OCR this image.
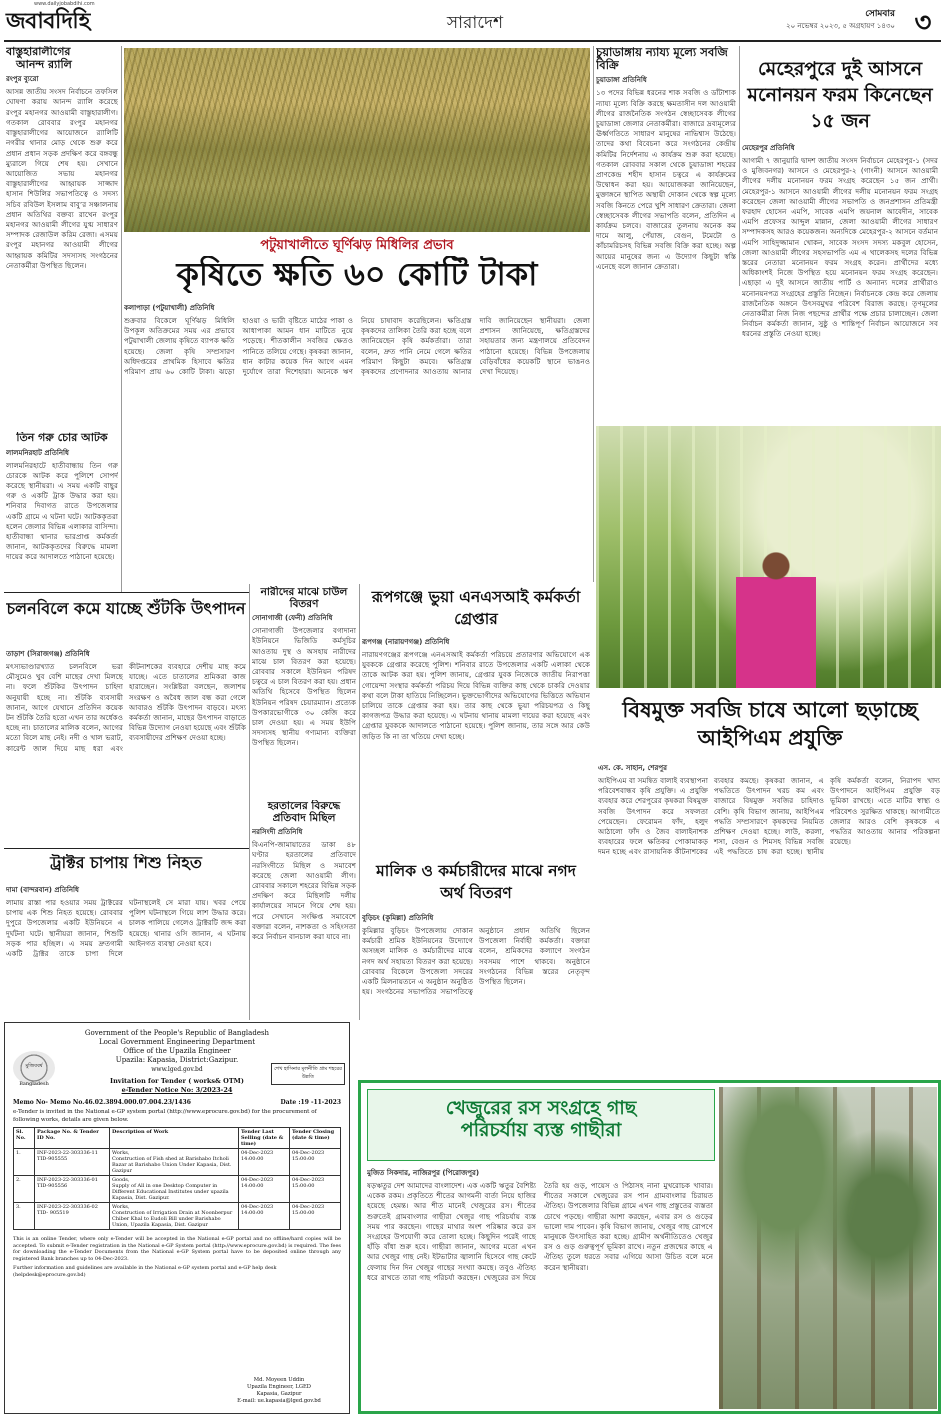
জবাবদিহি
www.dailyjobabdihi.com
সারাদেশ	সোমবার
২০ নভেম্বর ২০২৩, ৫ অগ্রহায়ণ ১৪৩০ ৩
বাস্তুহারালীগের
আনন্দ র‍্যালি
রংপুর ব্যুরো
আসন্ন জাতীয় সংসদ নির্বাচনে তফসিল ঘোষণা করায় আনন্দ র‍্যালি করেছে রংপুর মহানগর আওয়ামী বাস্তুহারালীগ। গতকাল রোববার রংপুর মহানগর বাস্তুহারালীগের আয়োজনে র‍্যালিটি নগরীর থানার মোড় থেকে শুরু করে প্রধান প্রধান সড়ক প্রদক্ষিণ করে বঙ্গবন্ধু ম্যুরালে গিয়ে শেষ হয়। সেখানে আয়োজিত সভায় মহানগর বাস্তুহারালীগের আহ্বায়ক সাজ্জাদ হাসান শিউলির সভাপতিত্বে ও সদস্য সচিব রবিউল ইসলাম বাবু’র সঞ্চালনায় প্রধান অতিথির বক্তব্য রাখেন রংপুর মহানগর আওয়ামী লীগের যুগ্ম সাধারণ সম্পাদক রেজাউল করিম রেজা। এসময় রংপুর মহানগর আওয়ামী লীগের আহ্বায়ক কমিটির সদস্যসহ সংগঠনের নেতাকর্মীরা উপস্থিত ছিলেন।
তিন গরু চোর আটক
লালমনিরহাট প্রতিনিধি
লালমনিরহাটে হাতীবান্ধায় তিন গরু চোরকে আটক করে পুলিশে সোপর্দ করেছে স্থানীয়রা। এ সময় একটি বাছুর গরু ও একটি ট্রাক উদ্ধার করা হয়। শনিবার দিবাগত রাতে উপজেলার একটি গ্রামে এ ঘটনা ঘটে। আটককৃতরা হলেন জেলার বিভিন্ন এলাকার বাসিন্দা। হাতীবান্ধা থানার ভারপ্রাপ্ত কর্মকর্তা জানান, আটককৃতদের বিরুদ্ধে মামলা দায়ের করে আদালতে পাঠানো হয়েছে।
পটুয়াখালীতে ঘূর্ণিঝড় মিধিলির প্রভাব
কৃষিতে ক্ষতি ৬০ কোটি টাকা
কলাপাড়া (পটুয়াখালী) প্রতিনিধি
শুক্রবার বিকেলে ঘূর্ণিঝড় মিধিলি উপকূল অতিক্রমের সময় এর প্রভাবে পটুয়াখালী জেলায় কৃষিতে ব্যাপক ক্ষতি হয়েছে। জেলা কৃষি সম্প্রসারণ অধিদপ্তরের প্রাথমিক হিসাবে ক্ষতির পরিমাণ প্রায় ৬০ কোটি টাকা। ঝড়ো হাওয়া ও ভারী বৃষ্টিতে মাঠের পাকা ও আধাপাকা আমন ধান মাটিতে নুয়ে পড়েছে। শীতকালীন সবজির ক্ষেতও পানিতে তলিয়ে গেছে। কৃষকরা জানান, ধান কাটার কয়েক দিন আগে এমন দুর্যোগে তারা দিশেহারা। অনেকে ঋণ নিয়ে চাষাবাদ করেছিলেন। ক্ষতিগ্রস্ত কৃষকদের তালিকা তৈরি করা হচ্ছে বলে জানিয়েছেন কৃষি কর্মকর্তারা। তারা বলেন, দ্রুত পানি নেমে গেলে ক্ষতির পরিমাণ কিছুটা কমবে। ক্ষতিগ্রস্ত কৃষকদের প্রণোদনার আওতায় আনার দাবি জানিয়েছেন স্থানীয়রা। জেলা প্রশাসন জানিয়েছে, ক্ষতিগ্রস্তদের সহায়তার জন্য মন্ত্রণালয়ে প্রতিবেদন পাঠানো হয়েছে। বিভিন্ন উপজেলায় বেড়িবাঁধের কয়েকটি স্থানে ভাঙনও দেখা দিয়েছে।
চুয়াডাঙ্গায় ন্যায্য মূল্যে সবজি বিক্রি
চুয়াডাঙ্গা প্রতিনিধি
১৩ পদের বিভিন্ন ধরনের শাক সবজি ও ডাঁটাশাক ন্যায্য মূল্যে বিক্রি করছে ক্ষমতাসীন দল আওয়ামী লীগের রাজনৈতিক সংগঠন স্বেচ্ছাসেবক লীগের চুয়াডাঙ্গা জেলার নেতাকর্মীরা। বাজারে দ্রব্যমূল্যের ঊর্ধ্বগতিতে সাধারণ মানুষের নাভিশ্বাস উঠেছে। তাদের কথা বিবেচনা করে সংগঠনের কেন্দ্রীয় কমিটির নির্দেশনায় এ কার্যক্রম শুরু করা হয়েছে। গতকাল রোববার সকাল থেকে চুয়াডাঙ্গা শহরের প্রাণকেন্দ্র শহীদ হাসান চত্বরে এ কার্যক্রমের উদ্বোধন করা হয়। আয়োজকরা জানিয়েছেন, মুক্তাঙ্গনে স্থাপিত অস্থায়ী দোকান থেকে স্বল্প মূল্যে সবজি কিনতে পেরে খুশি সাধারণ ক্রেতারা। জেলা স্বেচ্ছাসেবক লীগের সভাপতি বলেন, প্রতিদিন এ কার্যক্রম চলবে। বাজারের তুলনায় অনেক কম দামে আলু, পেঁয়াজ, বেগুন, টমেটো ও কাঁচামরিচসহ বিভিন্ন সবজি বিক্রি করা হচ্ছে। অল্প আয়ের মানুষের জন্য এ উদ্যোগ কিছুটা স্বস্তি এনেছে বলে জানান ক্রেতারা।
মেহেরপুরে দুই আসনে মনোনয়ন ফরম কিনেছেন ১৫ জন
মেহেরপুর প্রতিনিধি
আগামী ৭ জানুয়ারি দ্বাদশ জাতীয় সংসদ নির্বাচনে মেহেরপুর-১ (সদর ও মুজিবনগর) আসনে ও মেহেরপুর-২ (গাংনী) আসনে আওয়ামী লীগের দলীয় মনোনয়ন ফরম সংগ্রহ করেছেন ১৫ জন প্রার্থী। মেহেরপুর-১ আসনে আওয়ামী লীগের দলীয় মনোনয়ন ফরম সংগ্রহ করেছেন জেলা আওয়ামী লীগের সভাপতি ও জনপ্রশাসন প্রতিমন্ত্রী ফরহাদ হোসেন এমপি, সাবেক এমপি জয়নাল আবেদীন, সাবেক এমপি প্রফেসর আব্দুল মান্নান, জেলা আওয়ামী লীগের সাধারণ সম্পাদকসহ আরও কয়েকজন। অন্যদিকে মেহেরপুর-২ আসনে বর্তমান এমপি সাহিদুজ্জামান খোকন, সাবেক সংসদ সদস্য মকবুল হোসেন, জেলা আওয়ামী লীগের সহসভাপতি এম এ খালেকসহ দলের বিভিন্ন স্তরের নেতারা মনোনয়ন ফরম সংগ্রহ করেন। প্রার্থীদের মধ্যে অধিকাংশই নিজে উপস্থিত হয়ে মনোনয়ন ফরম সংগ্রহ করেছেন। এছাড়া এ দুই আসনে জাতীয় পার্টি ও অন্যান্য দলের প্রার্থীরাও মনোনয়নপত্র সংগ্রহের প্রস্তুতি নিচ্ছেন। নির্বাচনকে কেন্দ্র করে জেলায় রাজনৈতিক অঙ্গনে উৎসবমুখর পরিবেশ বিরাজ করছে। তৃণমূলের নেতাকর্মীরা নিজ নিজ পছন্দের প্রার্থীর পক্ষে প্রচার চালাচ্ছেন। জেলা নির্বাচন কর্মকর্তা জানান, সুষ্ঠু ও শান্তিপূর্ণ নির্বাচন আয়োজনে সব ধরনের প্রস্তুতি নেওয়া হচ্ছে।
বিষমুক্ত সবজি চাষে আলো ছড়াচ্ছে আইপিএম প্রযুক্তি
এস. কে. সাহান, শেরপুর
আইপিএম বা সমন্বিত বালাই ব্যবস্থাপনা পরিবেশবান্ধব কৃষি প্রযুক্তি। এ প্রযুক্তি ব্যবহার করে শেরপুরের কৃষকরা বিষমুক্ত সবজি উৎপাদন করে সফলতা পেয়েছেন। ফেরোমন ফাঁদ, হলুদ আঠালো ফাঁদ ও জৈব বালাইনাশক ব্যবহারের ফলে ক্ষতিকর পোকামাকড় দমন হচ্ছে এবং রাসায়নিক কীটনাশকের ব্যবহার কমছে। কৃষকরা জানান, এ পদ্ধতিতে উৎপাদন খরচ কম এবং বাজারে বিষমুক্ত সবজির চাহিদাও বেশি। কৃষি বিভাগ জানায়, আইপিএম পদ্ধতি সম্প্রসারণে কৃষকদের নিয়মিত প্রশিক্ষণ দেওয়া হচ্ছে। লাউ, করলা, শসা, বেগুন ও শিমসহ বিভিন্ন সবজি এই পদ্ধতিতে চাষ করা হচ্ছে। স্থানীয় কৃষি কর্মকর্তা বলেন, নিরাপদ খাদ্য উৎপাদনে আইপিএম প্রযুক্তি বড় ভূমিকা রাখছে। এতে মাটির স্বাস্থ্য ও পরিবেশও সুরক্ষিত থাকছে। আগামীতে জেলার আরও বেশি কৃষককে এ পদ্ধতির আওতায় আনার পরিকল্পনা রয়েছে।
চলনবিলে কমে যাচ্ছে শুঁটকি উৎপাদন
তাড়াশ (সিরাজগঞ্জ) প্রতিনিধি
মৎস্যভাণ্ডারখ্যাত চলনবিলে ভরা মৌসুমেও খুব বেশি মাছের দেখা মিলছে না। ফলে শুঁটকির উৎপাদন চাহিদা অনুযায়ী হচ্ছে না। শুঁটকি ব্যবসায়ী জানান, আগে যেখানে প্রতিদিন কয়েক টন শুঁটকি তৈরি হতো এখন তার অর্ধেকও হচ্ছে না। চাতালের মালিক বলেন, আগের মতো বিলে মাছ নেই। নদী ও খাল ভরাট, কারেন্ট জাল দিয়ে মাছ ধরা এবং কীটনাশকের ব্যবহারে দেশীয় মাছ কমে যাচ্ছে। এতে চাতালের শ্রমিকরা কাজ হারাচ্ছেন। সংশ্লিষ্টরা বলছেন, জলাশয় সংরক্ষণ ও অবৈধ জাল বন্ধ করা গেলে আবারও শুঁটকি উৎপাদন বাড়বে। মৎস্য কর্মকর্তা জানান, মাছের উৎপাদন বাড়াতে বিভিন্ন উদ্যোগ নেওয়া হয়েছে এবং শুঁটকি ব্যবসায়ীদের প্রশিক্ষণ দেওয়া হচ্ছে।
ট্রাক্টর চাপায় শিশু নিহত
দামা (বান্দরবান) প্রতিনিধি
লামায় রাস্তা পার হওয়ার সময় ট্রাক্টরের চাপায় এক শিশু নিহত হয়েছে। রোববার দুপুরে উপজেলার একটি ইউনিয়নে এ দুর্ঘটনা ঘটে। স্থানীয়রা জানান, শিশুটি সড়ক পার হচ্ছিল। এ সময় দ্রুতগামী একটি ট্রাক্টর তাকে চাপা দিলে ঘটনাস্থলেই সে মারা যায়। খবর পেয়ে পুলিশ ঘটনাস্থলে গিয়ে লাশ উদ্ধার করে। চালক পালিয়ে গেলেও ট্রাক্টরটি জব্দ করা হয়েছে। থানার ওসি জানান, এ ঘটনায় আইনগত ব্যবস্থা নেওয়া হবে।
নারীদের মাঝে চাউল বিতরণ
সোনাগাজী (ফেনী) প্রতিনিধি
সোনাগাজী উপজেলার বগাদানা ইউনিয়নে ভিজিডি কর্মসূচির আওতায় দুস্থ ও অসহায় নারীদের মাঝে চাল বিতরণ করা হয়েছে। রোববার সকালে ইউনিয়ন পরিষদ চত্বরে এ চাল বিতরণ করা হয়। প্রধান অতিথি হিসেবে উপস্থিত ছিলেন ইউনিয়ন পরিষদ চেয়ারম্যান। প্রত্যেক উপকারভোগীকে ৩০ কেজি করে চাল দেওয়া হয়। এ সময় ইউপি সদস্যসহ স্থানীয় গণ্যমান্য ব্যক্তিরা উপস্থিত ছিলেন।
হরতালের বিরুদ্ধে প্রতিবাদ মিছিল
নরসিংদী প্রতিনিধি
বিএনপি-জামায়াতের ডাকা ৪৮ ঘণ্টার হরতালের প্রতিবাদে নরসিংদীতে মিছিল ও সমাবেশ করেছে জেলা আওয়ামী লীগ। রোববার সকালে শহরের বিভিন্ন সড়ক প্রদক্ষিণ করে মিছিলটি দলীয় কার্যালয়ের সামনে গিয়ে শেষ হয়। পরে সেখানে সংক্ষিপ্ত সমাবেশে বক্তারা বলেন, নাশকতা ও সহিংসতা করে নির্বাচন বানচাল করা যাবে না।
রূপগঞ্জে ভুয়া এনএসআই কর্মকর্তা গ্রেপ্তার
রূপগঞ্জ (নারায়ণগঞ্জ) প্রতিনিধি
নারায়ণগঞ্জের রূপগঞ্জে এনএসআই কর্মকর্তা পরিচয়ে প্রতারণার অভিযোগে এক যুবককে গ্রেপ্তার করেছে পুলিশ। শনিবার রাতে উপজেলার একটি এলাকা থেকে তাকে আটক করা হয়। পুলিশ জানায়, গ্রেপ্তার যুবক নিজেকে জাতীয় নিরাপত্তা গোয়েন্দা সংস্থার কর্মকর্তা পরিচয় দিয়ে বিভিন্ন ব্যক্তির কাছ থেকে চাকরি দেওয়ার কথা বলে টাকা হাতিয়ে নিচ্ছিলেন। ভুক্তভোগীদের অভিযোগের ভিত্তিতে অভিযান চালিয়ে তাকে গ্রেপ্তার করা হয়। তার কাছ থেকে ভুয়া পরিচয়পত্র ও কিছু কাগজপত্র উদ্ধার করা হয়েছে। এ ঘটনায় থানায় মামলা দায়ের করা হয়েছে এবং গ্রেপ্তার যুবককে আদালতে পাঠানো হয়েছে। পুলিশ জানায়, তার সঙ্গে আর কেউ জড়িত কি না তা খতিয়ে দেখা হচ্ছে।
মালিক ও কর্মচারীদের মাঝে নগদ অর্থ বিতরণ
বুড়িচং (কুমিল্লা) প্রতিনিধি
কুমিল্লার বুড়িচং উপজেলায় দোকান কর্মচারী শ্রমিক ইউনিয়নের উদ্যোগে অসচ্ছল মালিক ও কর্মচারীদের মাঝে নগদ অর্থ সহায়তা বিতরণ করা হয়েছে। রোববার বিকেলে উপজেলা সদরের একটি মিলনায়তনে এ অনুষ্ঠান অনুষ্ঠিত হয়। সংগঠনের সভাপতির সভাপতিত্বে অনুষ্ঠানে প্রধান অতিথি ছিলেন উপজেলা নির্বাহী কর্মকর্তা। বক্তারা বলেন, শ্রমিকদের কল্যাণে সংগঠন সবসময় পাশে থাকবে। অনুষ্ঠানে সংগঠনের বিভিন্ন স্তরের নেতৃবৃন্দ উপস্থিত ছিলেন।
মুজিববর্ষ
Bangladesh
শেখ হাসিনার মূলনীতি গ্রাম শহরের উন্নতি
Government of the People's Republic of Bangladesh
Local Government Engineering Department
Office of the Upazila Engineer
Upazila: Kapasia, District:Gazipur.
www.lged.gov.bd
Invitation for Tender ( works& OTM)
e-Tender Notice No: 3/2023-24
Memo No- Memo No.46.02.3894.000.07.004.23/1436	Date :19 -11-2023
e-Tender is invited in the National e-GP system portal (http://www.eprocure.gov.bd) for the procurement of following works, details are given below.
Sl. No.	Package No. & Tender ID No.	Description of Work	Tender Last Selling (date & time)	Tender Closing (date & time)
1.	INF-2023-22-303336-11
TID-905555	Works,
Construction of Fish shed at Barishabo Itcholi Bazar at Barishabo Union Under Kapasia, Dist. Gazipur	04-Dec-2023
14:00:00	04-Dec-2023
15:00:00
2.	INF-2023-22-303336-01
TID-905556	Goods,
Supply of All in one Desktop Computer in Different Educational Institutes under upazila Kapasia, Dist. Gazipur.	04-Dec-2023
14:00:00	04-Dec-2023
15:00:00
3.	INF-2023-22-303336-02
TID- 905519	Works,
Construction of Irrigation Drain at Noonberpur Chiber Khal to Eudoli Bill under Barishabo Union, Upazila Kapasia, Dist. Gazipur	04-Dec-2023
14:00:00	04-Dec-2023
15:00:00
This is an online Tender, where only e-Tender will be accepted in the National e-GP portal and no offline/hard copies will be accepted. To submit e-Tender registration in the National e-GP System portal (http://www.eprocure.gov.bd) is required. The fees for downloading the e-Tender Documents from the National e-GP System portal have to be deposited online through any registered Bank branches up to 04-Dec-2023.
Further information and guidelines are available in the National e-GP system portal and e-GP help desk (helpdesk@eprocure.gov.bd)
Md. Moyeen Uddin
Upazila Engineer, LGED
Kapasia, Gazipur
E-mail: ue.kapasia@lged.gov.bd
খেজুরের রস সংগ্রহে গাছ
পরিচর্যায় ব্যস্ত গাছীরা
মুজিত সিকদার, নাজিরপুর (পিরোজপুর)
ষড়ঋতুর দেশ আমাদের বাংলাদেশ। এক একটি ঋতুর বৈশিষ্ট্য একেক রকম। প্রকৃতিতে শীতের আগমনী বার্তা নিয়ে হাজির হয়েছে হেমন্ত। আর শীত মানেই খেজুরের রস। শীতের শুরুতেই গ্রামবাংলার গাছীরা খেজুর গাছ পরিচর্যায় ব্যস্ত সময় পার করছেন। গাছের মাথার অংশ পরিষ্কার করে রস সংগ্রহের উপযোগী করে তোলা হচ্ছে। কিছুদিন পরেই গাছে হাঁড়ি বাঁধা শুরু হবে। গাছীরা জানান, আগের মতো এখন আর খেজুর গাছ নেই। ইটভাটার জ্বালানি হিসেবে গাছ কেটে ফেলায় দিন দিন খেজুর গাছের সংখ্যা কমছে। তবুও ঐতিহ্য ধরে রাখতে তারা গাছ পরিচর্যা করছেন। খেজুরের রস দিয়ে তৈরি হয় গুড়, পায়েস ও পিঠাসহ নানা মুখরোচক খাবার। শীতের সকালে খেজুরের রস পান গ্রামবাংলার চিরায়ত ঐতিহ্য। উপজেলার বিভিন্ন গ্রামে এখন গাছ প্রস্তুতের ব্যস্ততা চোখে পড়ছে। গাছীরা আশা করছেন, এবার রস ও গুড়ের ভালো দাম পাবেন। কৃষি বিভাগ জানায়, খেজুর গাছ রোপণে মানুষকে উৎসাহিত করা হচ্ছে। গ্রামীণ অর্থনীতিতেও খেজুর রস ও গুড় গুরুত্বপূর্ণ ভূমিকা রাখে। নতুন প্রজন্মের কাছে এ ঐতিহ্য তুলে ধরতে সবার এগিয়ে আসা উচিত বলে মনে করেন স্থানীয়রা।
